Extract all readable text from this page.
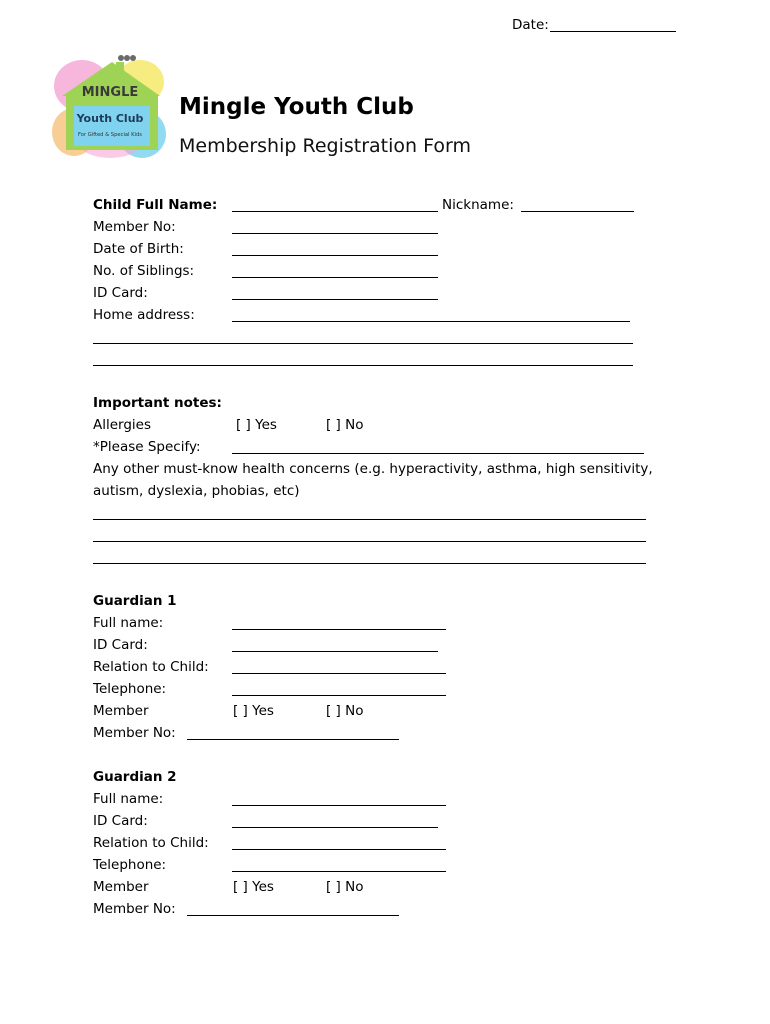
Date:
MINGLE
Youth Club
For Gifted & Special Kids
Mingle Youth Club
Membership Registration Form
Child Full Name:	Nickname:
Member No:
Date of Birth:
No. of Siblings:
ID Card:
Home address:
Important notes:
Allergies	[ ] Yes	[ ] No
*Please Specify:
Any other must-know health concerns (e.g. hyperactivity, asthma, high sensitivity,
autism, dyslexia, phobias, etc)
Guardian 1
Full name:
ID Card:
Relation to Child:
Telephone:
Member	[ ] Yes	[ ] No
Member No:
Guardian 2
Full name:
ID Card:
Relation to Child:
Telephone:
Member	[ ] Yes	[ ] No
Member No:
